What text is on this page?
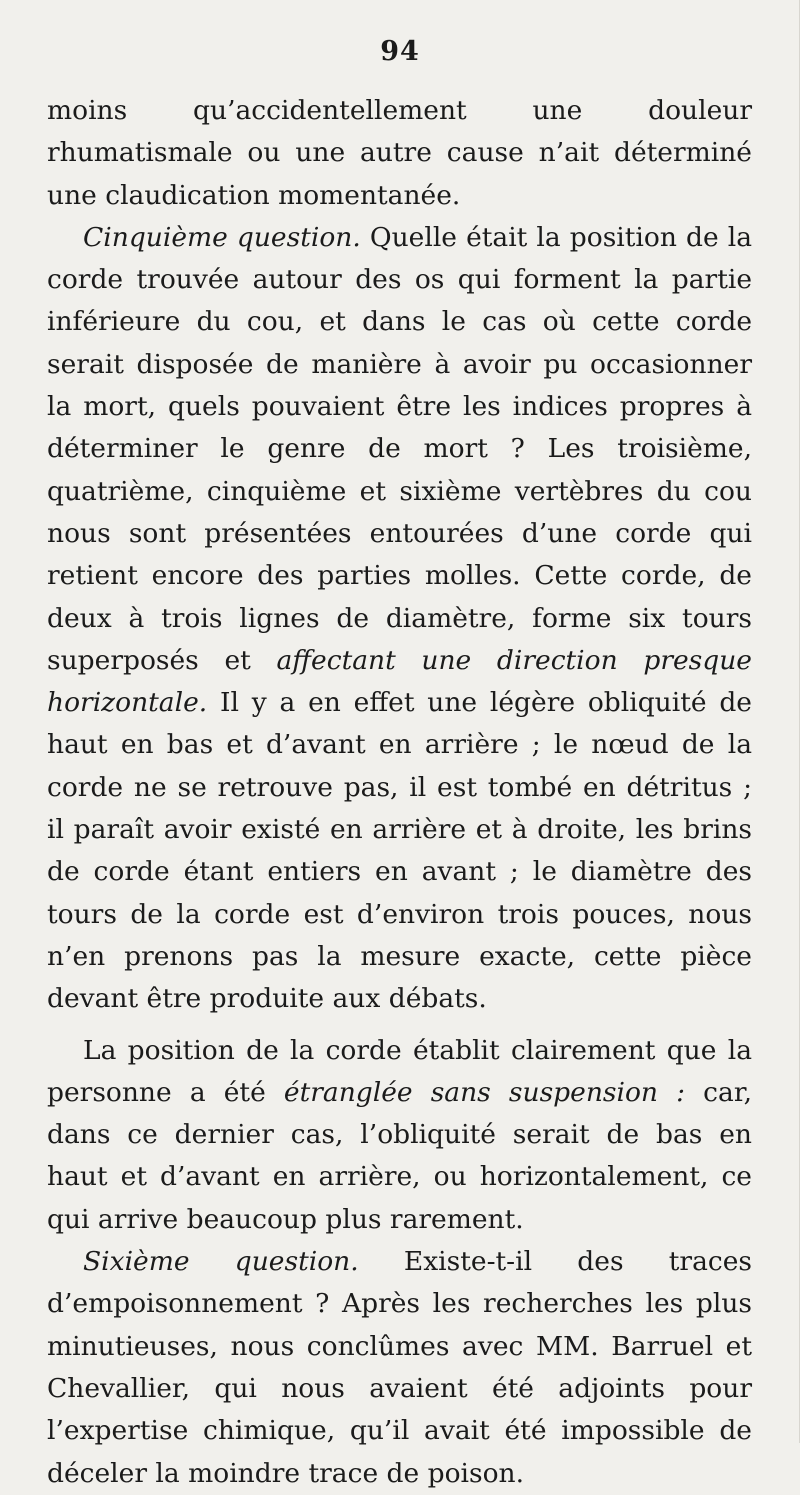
94

moins qu’accidentellement une douleur rhumatismale ou une autre cause n’ait déterminé une claudication momentanée.

Cinquième question. Quelle était la position de la corde trouvée autour des os qui forment la partie inférieure du cou, et dans le cas où cette corde serait disposée de manière à avoir pu occasionner la mort, quels pouvaient être les indices propres à déterminer le genre de mort ? Les troisième, quatrième, cinquième et sixième vertèbres du cou nous sont présentées entourées d’une corde qui retient encore des parties molles. Cette corde, de deux à trois lignes de diamètre, forme six tours superposés et affectant une direction presque horizontale. Il y a en effet une légère obliquité de haut en bas et d’avant en arrière ; le nœud de la corde ne se retrouve pas, il est tombé en détritus ; il paraît avoir existé en arrière et à droite, les brins de corde étant entiers en avant ; le diamètre des tours de la corde est d’environ trois pouces, nous n’en prenons pas la mesure exacte, cette pièce devant être produite aux débats.

La position de la corde établit clairement que la personne a été étranglée sans suspension : car, dans ce dernier cas, l’obliquité serait de bas en haut et d’avant en arrière, ou horizontalement, ce qui arrive beaucoup plus rarement.

Sixième question. Existe-t-il des traces d’empoisonnement ? Après les recherches les plus minutieuses, nous conclûmes avec MM. Barruel et Chevallier, qui nous avaient été adjoints pour l’expertise chimique, qu’il avait été impossible de déceler la moindre trace de poison.
